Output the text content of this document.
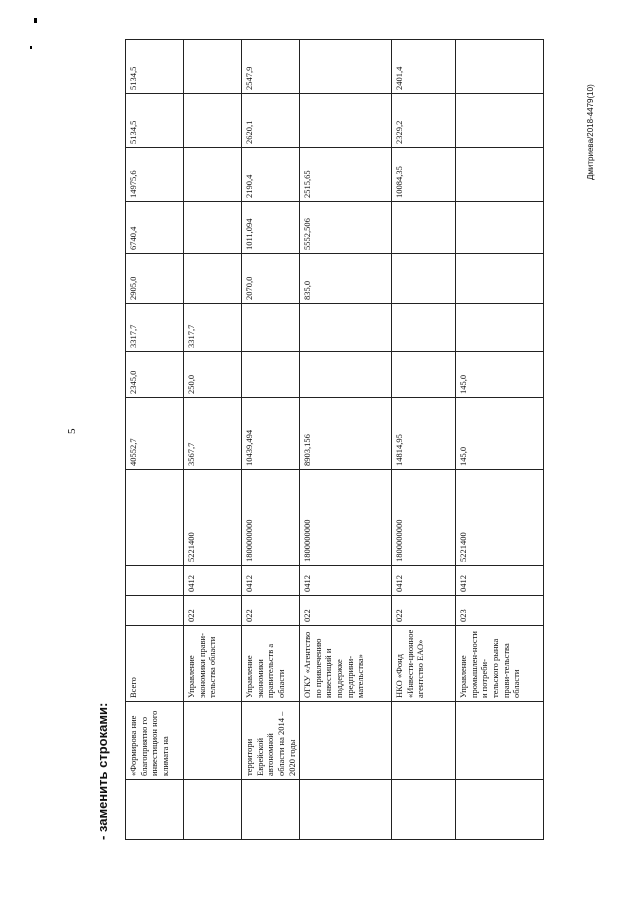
5
Дмитриева/2018-4479(10)
- заменить строками:
	«Формирова ние благоприятно го инвестицион ного климата на	Всего				40552,7	2345,0	3317,7	2905,0	6740,4	14975,6	5134,5	5134,5
		Управление экономики прави-тельства области	022	0412	5221400	3567,7	250,0	3317,7					
	территори Еврейской автономной области на 2014 – 2020 годы	Управление экономики правительств а области	022	0412	1800000000	10439,494			2070,0	1011,094	2190,4	2620,1	2547,9
		ОГКУ «Агентство по привлечению инвестиций и поддержке предприни-мательства»	022	0412	1800000000	8903,156			835,0	5552,506	2515,65		
		НКО «Фонд «Инвести-ционное агентство ЕАО»	022	0412	1800000000	14814,95					10084,35	2329,2	2401,4
		Управление промышлен-ности и потреби-тельского рынка прави-тельства области	023	0412	5221400	145,0	145,0						
